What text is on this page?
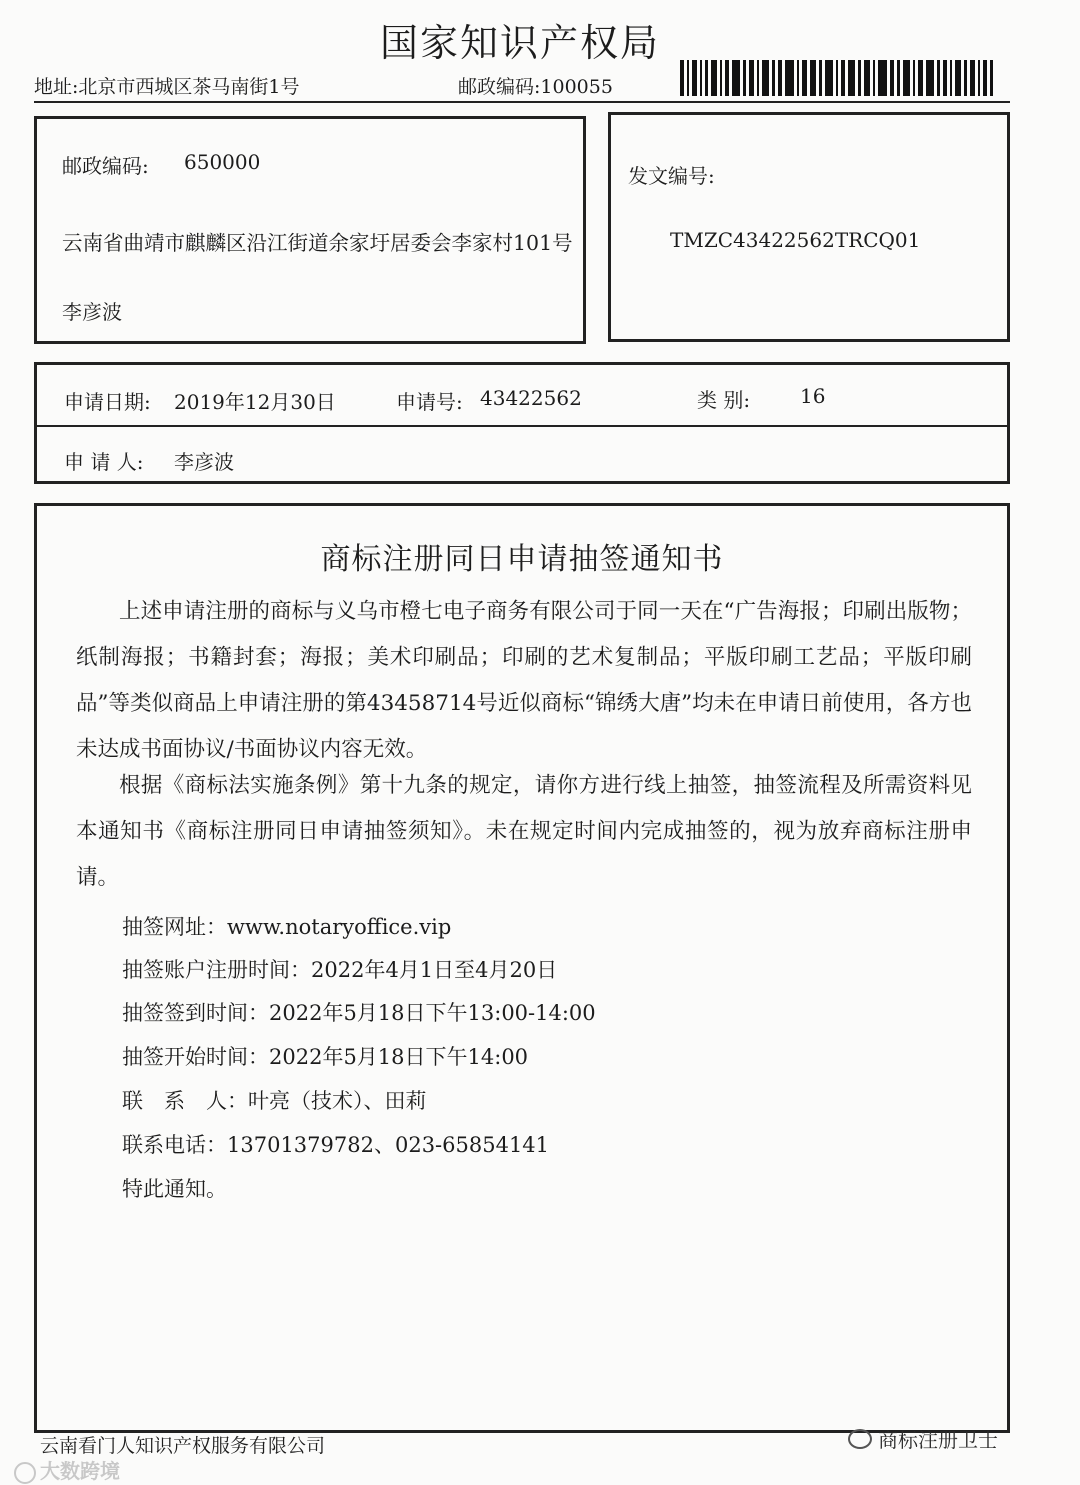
国家知识产权局
地址:北京市西城区茶马南街1号	邮政编码:100055
邮政编码: 650000
云南省曲靖市麒麟区沿江街道余家圩居委会李家村101号
李彦波
发文编号:
TMZC43422562TRCQ01
申请日期: 2019年12月30日	申请号: 43422562	类 别: 16
申 请 人: 李彦波
商标注册同日申请抽签通知书

上述申请注册的商标与义乌市橙七电子商务有限公司于同一天在“广告海报；印刷出版物；纸制海报；书籍封套；海报；美术印刷品；印刷的艺术复制品；平版印刷工艺品；平版印刷品”等类似商品上申请注册的第43458714号近似商标“锦绣大唐”均未在申请日前使用，各方也未达成书面协议/书面协议内容无效。

根据《商标法实施条例》第十九条的规定，请你方进行线上抽签，抽签流程及所需资料见本通知书《商标注册同日申请抽签须知》。未在规定时间内完成抽签的，视为放弃商标注册申请。

抽签网址：www.notaryoffice.vip
抽签账户注册时间：2022年4月1日至4月20日
抽签签到时间：2022年5月18日下午13:00-14:00
抽签开始时间：2022年5月18日下午14:00
联　系　人：叶亮（技术）、田莉
联系电话：13701379782、023-65854141
特此通知。
云南看门人知识产权服务有限公司
大数跨境
商标注册卫士
